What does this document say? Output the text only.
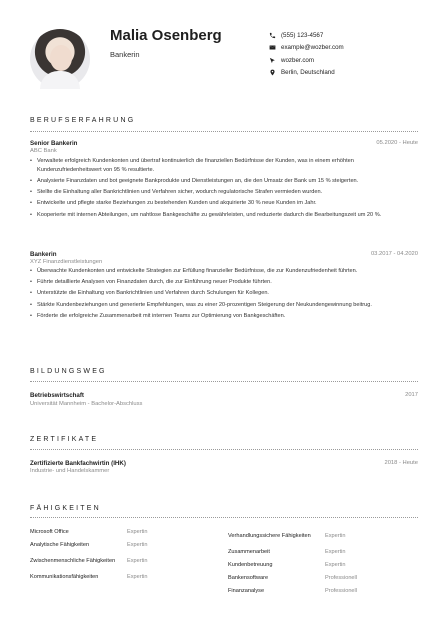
Malia Osenberg
Bankerin
(555) 123-4567
example@wozber.com
wozber.com
Berlin, Deutschland
BERUFSERFAHRUNG
Senior Bankerin	05.2020 - Heute
ABC Bank
• Verwaltete erfolgreich Kundenkonten und übertraf kontinuierlich die finanziellen Bedürfnisse der Kunden, was in einem erhöhten Kundenzufriedenheitswert von 95 % resultierte.
• Analysierte Finanzdaten und bot geeignete Bankprodukte und Dienstleistungen an, die den Umsatz der Bank um 15 % steigerten.
• Stellte die Einhaltung aller Bankrichtlinien und Verfahren sicher, wodurch regulatorische Strafen vermieden wurden.
• Entwickelte und pflegte starke Beziehungen zu bestehenden Kunden und akquirierte 30 % neue Kunden im Jahr.
• Kooperierte mit internen Abteilungen, um nahtlose Bankgeschäfte zu gewährleisten, und reduzierte dadurch die Bearbeitungszeit um 20 %.
Bankerin	03.2017 - 04.2020
XYZ Finanzdienstleistungen
• Überwachte Kundenkonten und entwickelte Strategien zur Erfüllung finanzieller Bedürfnisse, die zur Kundenzufriedenheit führten.
• Führte detaillierte Analysen von Finanzdaten durch, die zur Einführung neuer Produkte führten.
• Unterstützte die Einhaltung von Bankrichtlinien und Verfahren durch Schulungen für Kollegen.
• Stärkte Kundenbeziehungen und generierte Empfehlungen, was zu einer 20-prozentigen Steigerung der Neukundengewinnung beitrug.
• Förderte die erfolgreiche Zusammenarbeit mit internen Teams zur Optimierung von Bankgeschäften.
BILDUNGSWEG
Betriebswirtschaft	2017
Universität Mannheim - Bachelor-Abschluss
ZERTIFIKATE
Zertifizierte Bankfachwirtin (IHK)	2018 - Heute
Industrie- und Handelskammer
FÄHIGKEITEN
Microsoft Office	Expertin
Analytische Fähigkeiten	Expertin
Zwischenmenschliche Fähigkeiten	Expertin
Kommunikationsfähigkeiten	Expertin
Verhandlungssichere Fähigkeiten	Expertin
Zusammenarbeit	Expertin
Kundenbetreuung	Expertin
Bankensoftware	Professionell
Finanzanalyse	Professionell
